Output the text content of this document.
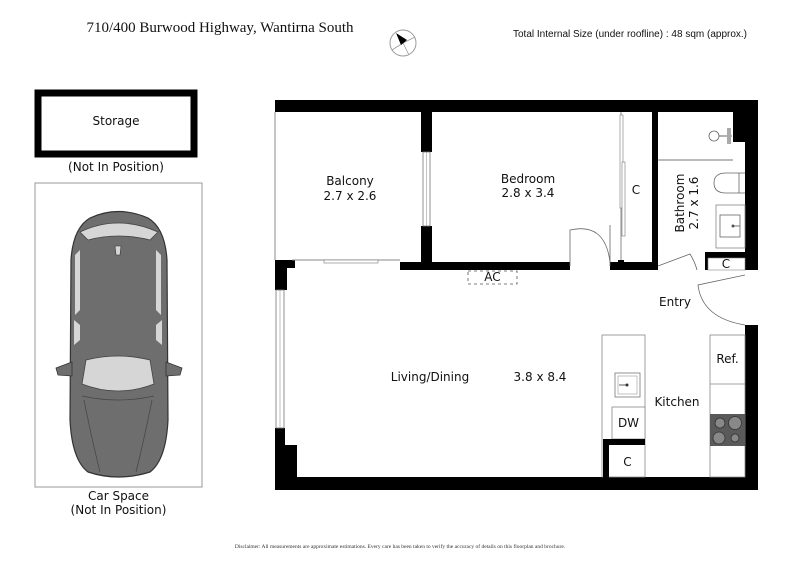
710/400 Burwood Highway, Wantirna South	Total Internal Size (under roofline) : 48 sqm (approx.)
Storage
(Not In Position)
Car Space
(Not In Position)
Balcony
2.7 x 2.6
Bedroom
2.8 x 3.4	C	Bathroom 2.7 x 1.6
C
AC
Entry
Living/Dining	3.8 x 8.4
Ref.
Kitchen
DW
C
Disclaimer: All measurements are approximate estimations. Every care has been taken to verify the accuracy of details on this floorplan and brochure.
